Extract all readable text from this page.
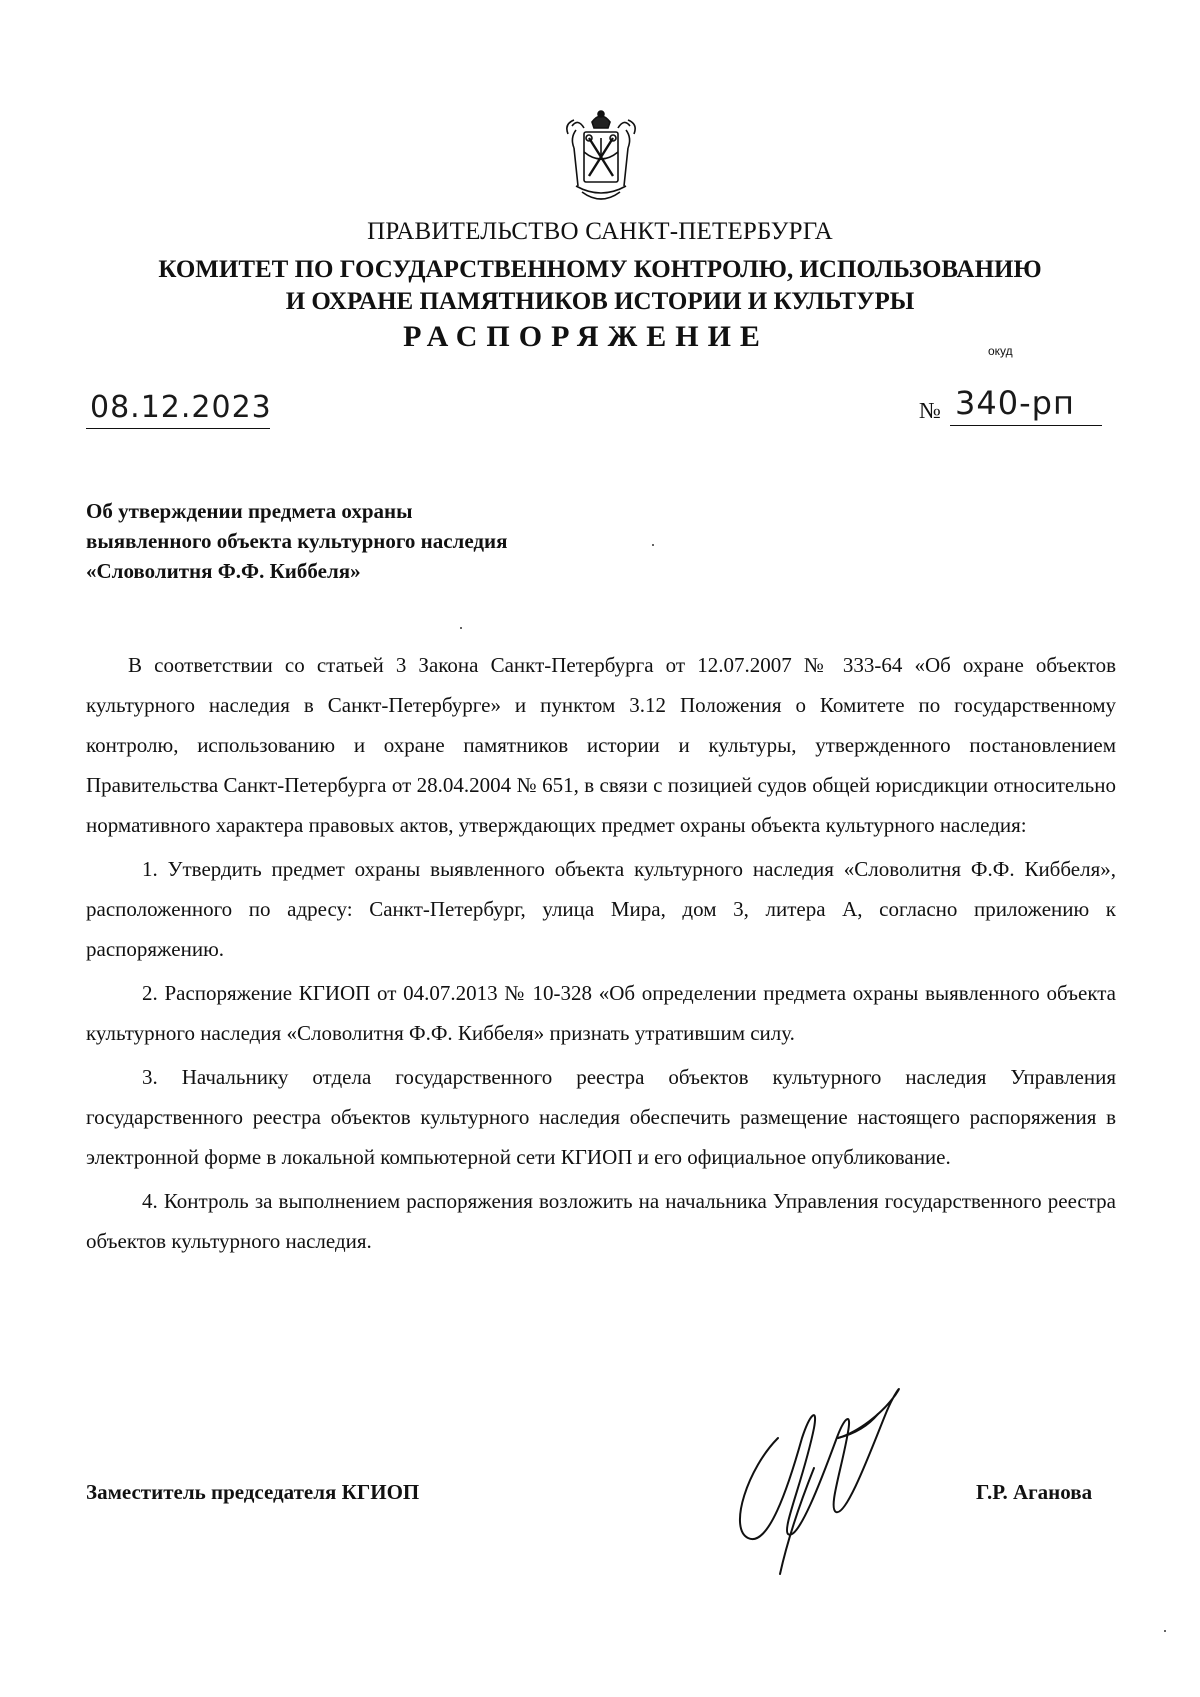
ПРАВИТЕЛЬСТВО САНКТ-ПЕТЕРБУРГА
КОМИТЕТ ПО ГОСУДАРСТВЕННОМУ КОНТРОЛЮ, ИСПОЛЬЗОВАНИЮ
И ОХРАНЕ ПАМЯТНИКОВ ИСТОРИИ И КУЛЬТУРЫ
РАСПОРЯЖЕНИЕ	окуд
08.12.2023	№ 340-рп
Об утверждении предмета охраны
выявленного объекта культурного наследия
«Словолитня Ф.Ф. Киббеля»

В соответствии со статьей 3 Закона Санкт-Петербурга от 12.07.2007 № 333-64 «Об охране объектов культурного наследия в Санкт-Петербурге» и пунктом 3.12 Положения о Комитете по государственному контролю, использованию и охране памятников истории и культуры, утвержденного постановлением Правительства Санкт-Петербурга от 28.04.2004 № 651, в связи с позицией судов общей юрисдикции относительно нормативного характера правовых актов, утверждающих предмет охраны объекта культурного наследия:

1. Утвердить предмет охраны выявленного объекта культурного наследия «Словолитня Ф.Ф. Киббеля», расположенного по адресу: Санкт-Петербург, улица Мира, дом 3, литера А, согласно приложению к распоряжению.

2. Распоряжение КГИОП от 04.07.2013 № 10-328 «Об определении предмета охраны выявленного объекта культурного наследия «Словолитня Ф.Ф. Киббеля» признать утратившим силу.

3. Начальнику отдела государственного реестра объектов культурного наследия Управления государственного реестра объектов культурного наследия обеспечить размещение настоящего распоряжения в электронной форме в локальной компьютерной сети КГИОП и его официальное опубликование.

4. Контроль за выполнением распоряжения возложить на начальника Управления государственного реестра объектов культурного наследия.

Заместитель председателя КГИОП	Г.Р. Аганова
